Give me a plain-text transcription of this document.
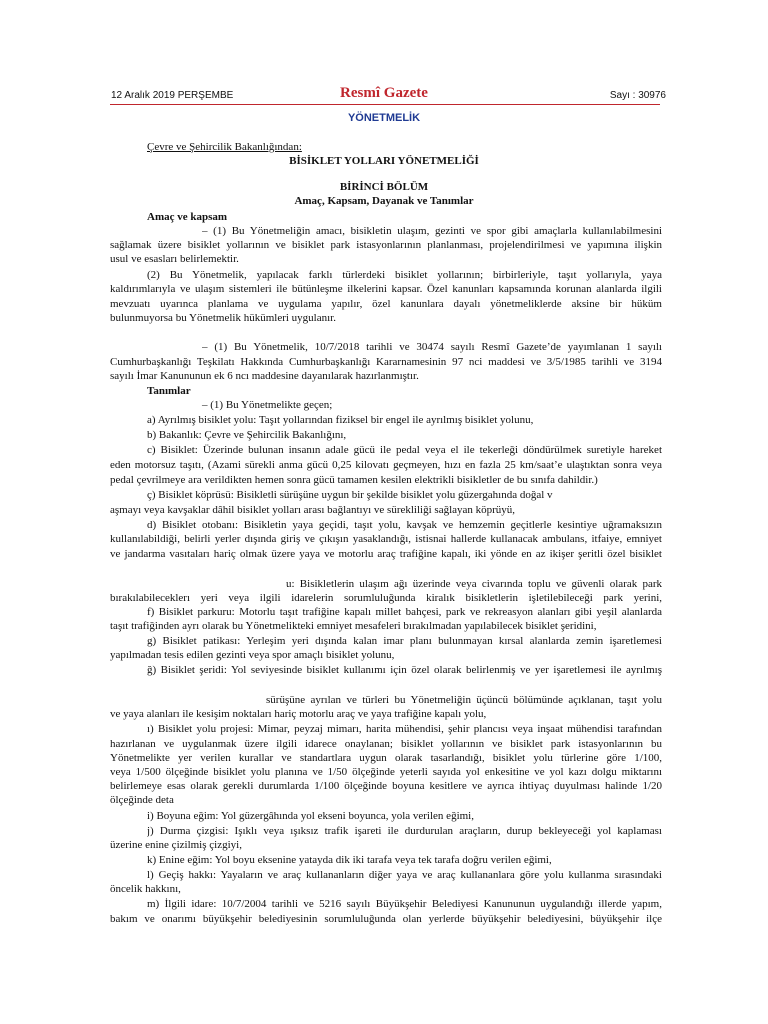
12 Aralık 2019 PERŞEMBE	Resmî Gazete	Sayı : 30976
YÖNETMELİK
Çevre ve Şehircilik Bakanlığından:
BİSİKLET YOLLARI YÖNETMELİĞİ
BİRİNCİ BÖLÜM
Amaç, Kapsam, Dayanak ve Tanımlar
Amaç ve kapsam
– (1) Bu Yönetmeliğin amacı, bisikletin ulaşım, gezinti ve spor gibi amaçlarla kullanılabilmesini
sağlamak üzere bisiklet yollarının ve bisiklet park istasyonlarının planlanması, projelendirilmesi ve yapımına ilişkin
usul ve esasları belirlemektir.
(2) Bu Yönetmelik, yapılacak farklı türlerdeki bisiklet yollarının; birbirleriyle, taşıt yollarıyla, yaya
kaldırımlarıyla ve ulaşım sistemleri ile bütünleşme ilkelerini kapsar. Özel kanunları kapsamında korunan alanlarda ilgili
mevzuatı uyarınca planlama ve uygulama yapılır, özel kanunlara dayalı yönetmeliklerde aksine bir hüküm
bulunmuyorsa bu Yönetmelik hükümleri uygulanır.
– (1) Bu Yönetmelik, 10/7/2018 tarihli ve 30474 sayılı Resmî Gazete’de yayımlanan 1 sayılı
Cumhurbaşkanlığı Teşkilatı Hakkında Cumhurbaşkanlığı Kararnamesinin 97 nci maddesi ve 3/5/1985 tarihli ve 3194
sayılı İmar Kanununun ek 6 ncı maddesine dayanılarak hazırlanmıştır.
Tanımlar
– (1) Bu Yönetmelikte geçen;
a) Ayrılmış bisiklet yolu: Taşıt yollarından fiziksel bir engel ile ayrılmış bisiklet yolunu,
b) Bakanlık: Çevre ve Şehircilik Bakanlığını,
c) Bisiklet: Üzerinde bulunan insanın adale gücü ile pedal veya el ile tekerleği döndürülmek suretiyle hareket
eden motorsuz taşıtı, (Azami sürekli anma gücü 0,25 kilovatı geçmeyen, hızı en fazla 25 km/saat’e ulaştıktan sonra veya
pedal çevrilmeye ara verildikten hemen sonra gücü tamamen kesilen elektrikli bisikletler de bu sınıfa dahildir.)
ç) Bisiklet köprüsü: Bisikletli sürüşüne uygun bir şekilde bisiklet yolu güzergahında doğal v
aşmayı veya kavşaklar dâhil bisiklet yolları arası bağlantıyı ve sürekliliği sağlayan köprüyü,
d) Bisiklet otobanı: Bisikletin yaya geçidi, taşıt yolu, kavşak ve hemzemin geçitlerle kesintiye uğramaksızın
kullanılabildiği, belirli yerler dışında giriş ve çıkışın yasaklandığı, istisnai hallerde kullanacak ambulans, itfaiye, emniyet
ve jandarma vasıtaları hariç olmak üzere yaya ve motorlu araç trafiğine kapalı, iki yönde en az ikişer şeritli özel bisiklet
u: Bisikletlerin ulaşım ağı üzerinde veya civarında toplu ve güvenli olarak park
bırakılabileceklerı yeri veya ilgili idarelerin sorumluluğunda kiralık bisikletlerin işletilebileceği park yerini,
f) Bisiklet parkuru: Motorlu taşıt trafiğine kapalı millet bahçesi, park ve rekreasyon alanları gibi yeşil alanlarda
taşıt trafiğinden ayrı olarak bu Yönetmelikteki emniyet mesafeleri bırakılmadan yapılabilecek bisiklet şeridini,
g) Bisiklet patikası: Yerleşim yeri dışında kalan imar planı bulunmayan kırsal alanlarda zemin işaretlemesi
yapılmadan tesis edilen gezinti veya spor amaçlı bisiklet yolunu,
ğ) Bisiklet şeridi: Yol seviyesinde bisiklet kullanımı için özel olarak belirlenmiş ve yer işaretlemesi ile ayrılmış
sürüşüne ayrılan ve türleri bu Yönetmeliğin üçüncü bölümünde açıklanan, taşıt yolu
ve yaya alanları ile kesişim noktaları hariç motorlu araç ve yaya trafiğine kapalı yolu,
ı) Bisiklet yolu projesi: Mimar, peyzaj mimarı, harita mühendisi, şehir plancısı veya inşaat mühendisi tarafından
hazırlanan ve uygulanmak üzere ilgili idarece onaylanan; bisiklet yollarının ve bisiklet park istasyonlarının bu
Yönetmelikte yer verilen kurallar ve standartlara uygun olarak tasarlandığı, bisiklet yolu türlerine göre 1/100,
veya 1/500 ölçeğinde bisiklet yolu planına ve 1/50 ölçeğinde yeterli sayıda yol enkesitine ve yol kazı dolgu miktarını
belirlemeye esas olarak gerekli durumlarda 1/100 ölçeğinde boyuna kesitlere ve ayrıca ihtiyaç duyulması halinde 1/20
ölçeğinde deta
i) Boyuna eğim: Yol güzergâhında yol ekseni boyunca, yola verilen eğimi,
j) Durma çizgisi: Işıklı veya ışıksız trafik işareti ile durdurulan araçların, durup bekleyeceği yol kaplaması
üzerine enine çizilmiş çizgiyi,
k) Enine eğim: Yol boyu eksenine yatayda dik iki tarafa veya tek tarafa doğru verilen eğimi,
l) Geçiş hakkı: Yayaların ve araç kullananların diğer yaya ve araç kullananlara göre yolu kullanma sırasındaki
öncelik hakkını,
m) İlgili idare: 10/7/2004 tarihli ve 5216 sayılı Büyükşehir Belediyesi Kanununun uygulandığı illerde yapım,
bakım ve onarımı büyükşehir belediyesinin sorumluluğunda olan yerlerde büyükşehir belediyesini, büyükşehir ilçe
